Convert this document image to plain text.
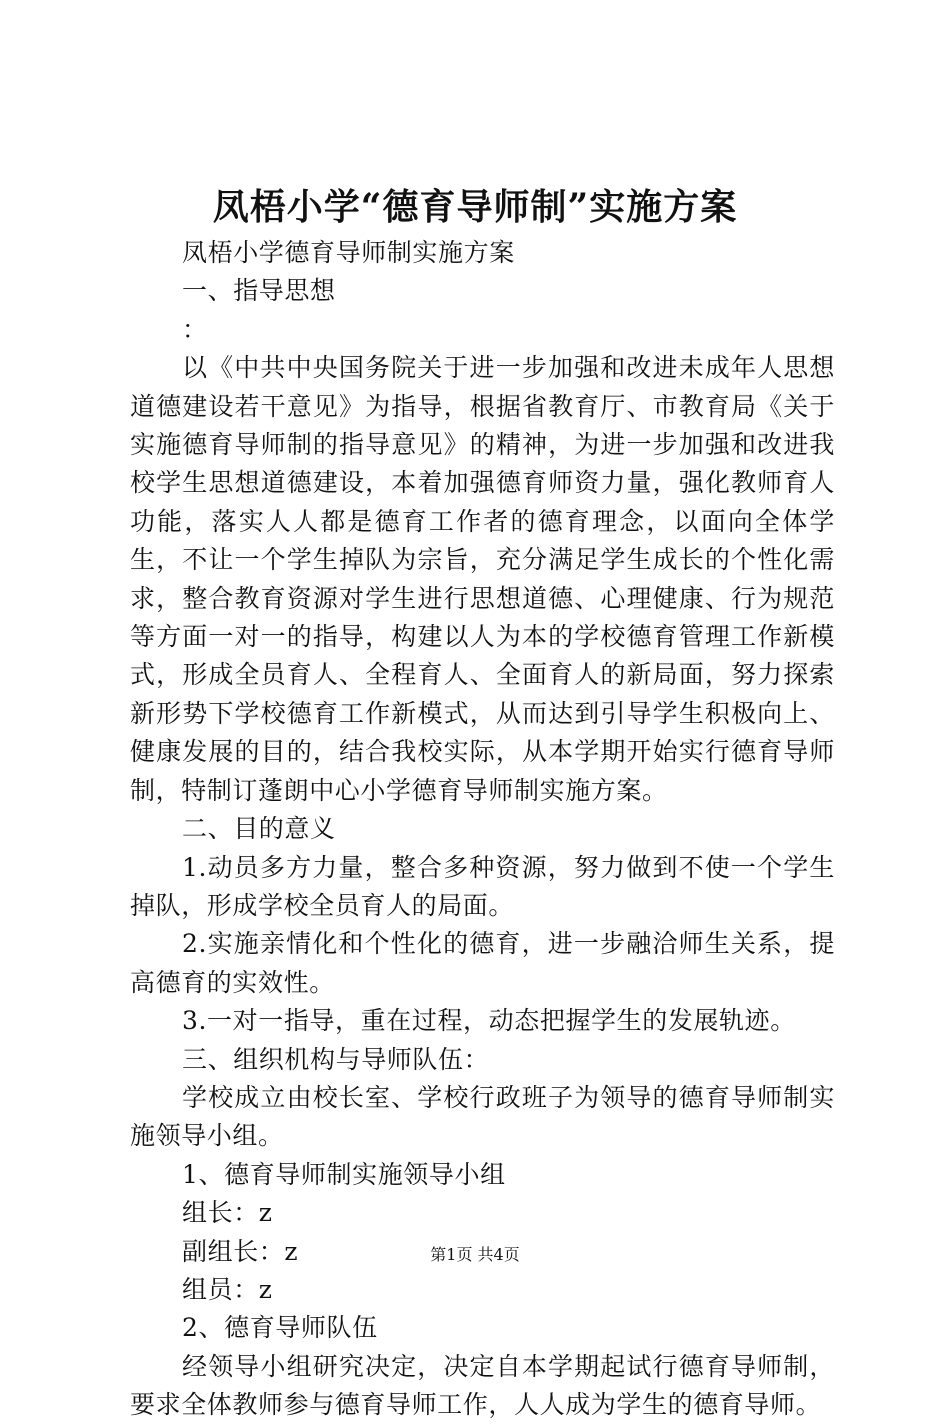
凤梧小学“德育导师制”实施方案

凤梧小学德育导师制实施方案

一、指导思想

：

以《中共中央国务院关于进一步加强和改进未成年人思想道德建设若干意见》为指导，根据省教育厅、市教育局《关于实施德育导师制的指导意见》的精神，为进一步加强和改进我校学生思想道德建设，本着加强德育师资力量，强化教师育人功能，落实人人都是德育工作者的德育理念，以面向全体学生，不让一个学生掉队为宗旨，充分满足学生成长的个性化需求，整合教育资源对学生进行思想道德、心理健康、行为规范等方面一对一的指导，构建以人为本的学校德育管理工作新模式，形成全员育人、全程育人、全面育人的新局面，努力探索新形势下学校德育工作新模式，从而达到引导学生积极向上、健康发展的目的，结合我校实际，从本学期开始实行德育导师制，特制订蓬朗中心小学德育导师制实施方案。

二、目的意义

1.动员多方力量，整合多种资源，努力做到不使一个学生掉队，形成学校全员育人的局面。

2.实施亲情化和个性化的德育，进一步融洽师生关系，提高德育的实效性。

3.一对一指导，重在过程，动态把握学生的发展轨迹。

三、组织机构与导师队伍：

学校成立由校长室、学校行政班子为领导的德育导师制实施领导小组。

1、德育导师制实施领导小组

组长：z

副组长：z

组员：z

2、德育导师队伍

经领导小组研究决定，决定自本学期起试行德育导师制，要求全体教师参与德育导师工作，人人成为学生的德育导师。

第1页 共4页
